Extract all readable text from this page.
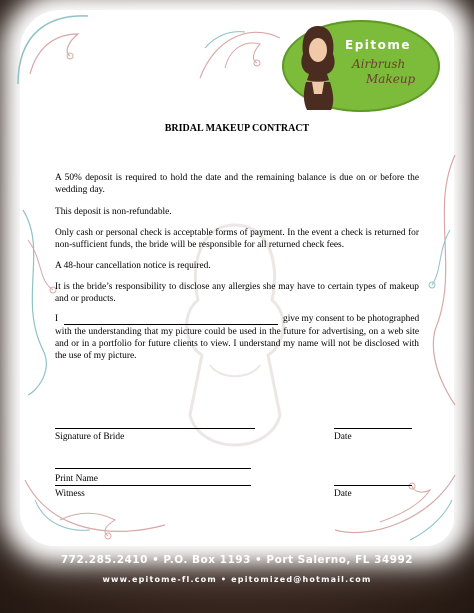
Epitome
Airbrush
Makeup
BRIDAL MAKEUP CONTRACT

A 50% deposit is required to hold the date and the remaining balance is due on or before the wedding day.

This deposit is non-refundable.

Only cash or personal check is acceptable forms of payment. In the event a check is returned for non-sufficient funds, the bride will be responsible for all returned check fees.

A 48-hour cancellation notice is required.

It is the bride’s responsibility to disclose any allergies she may have to certain types of makeup and or products.

I	give my consent to be photographed

with the understanding that my picture could be used in the future for advertising, on a web site and or in a portfolio for future clients to view. I understand my name will not be disclosed with the use of my picture.

Signature of Bride	Date
Print Name
Witness	Date
772.285.2410 • P.O. Box 1193 • Port Salerno, FL 34992
www.epitome-fl.com • epitomized@hotmail.com
